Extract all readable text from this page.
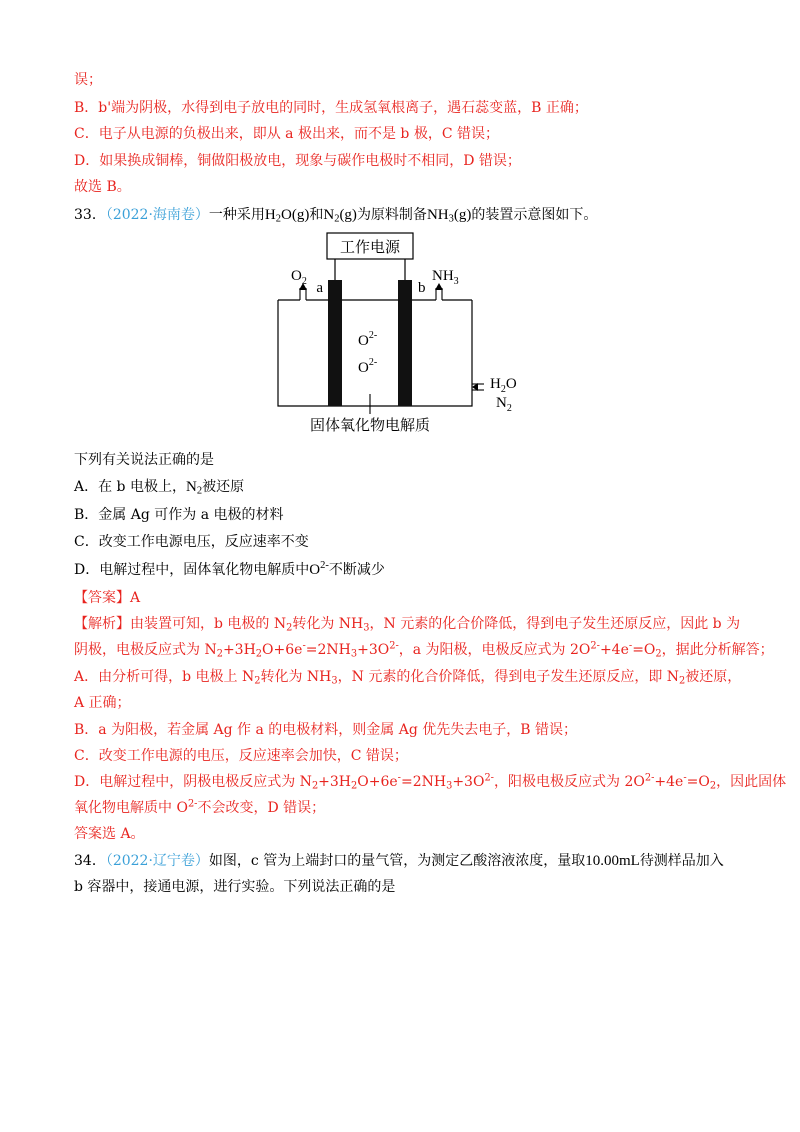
误；
B．b'端为阴极，水得到电子放电的同时，生成氢氧根离子，遇石蕊变蓝，B 正确；
C．电子从电源的负极出来，即从 a 极出来，而不是 b 极，C 错误；
D．如果换成铜棒，铜做阳极放电，现象与碳作电极时不相同，D 错误；
故选 B。
33．（2022·海南卷）一种采用$H_2O(g)$和$N_2(g)$为原料制备$NH_3(g)$的装置示意图如下。
工作电源
a	b
$O_2$	$NH_3$
$O^{2-}$
$O^{2-}$
$H_2O$
$N_2$
固体氧化物电解质
下列有关说法正确的是
A．在 b 电极上，$N_2$被还原
B．金属 Ag 可作为 a 电极的材料
C．改变工作电源电压，反应速率不变
D．电解过程中，固体氧化物电解质中$O^{2-}$不断减少
【答案】A
【解析】由装置可知，b 电极的 $N_2$转化为 $NH_3$，N 元素的化合价降低，得到电子发生还原反应，因此 b 为
阴极，电极反应式为 $N_2+3H_2O+6e^-=2NH_3+3O^{2-}$，a 为阳极，电极反应式为 $2O^{2-}+4e^-=O_2$，据此分析解答；
A．由分析可得，b 电极上 $N_2$转化为 $NH_3$，N 元素的化合价降低，得到电子发生还原反应，即 $N_2$被还原，
A 正确；
B．a 为阳极，若金属 Ag 作 a 的电极材料，则金属 Ag 优先失去电子，B 错误；
C．改变工作电源的电压，反应速率会加快，C 错误；
D．电解过程中，阴极电极反应式为 $N_2+3H_2O+6e^-=2NH_3+3O^{2-}$，阳极电极反应式为 $2O^{2-}+4e^-=O_2$，因此固体
氧化物电解质中 $O^{2-}$不会改变，D 错误；
答案选 A。
34．（2022·辽宁卷）如图，c 管为上端封口的量气管，为测定乙酸溶液浓度，量取10.00mL待测样品加入
b 容器中，接通电源，进行实验。下列说法正确的是
